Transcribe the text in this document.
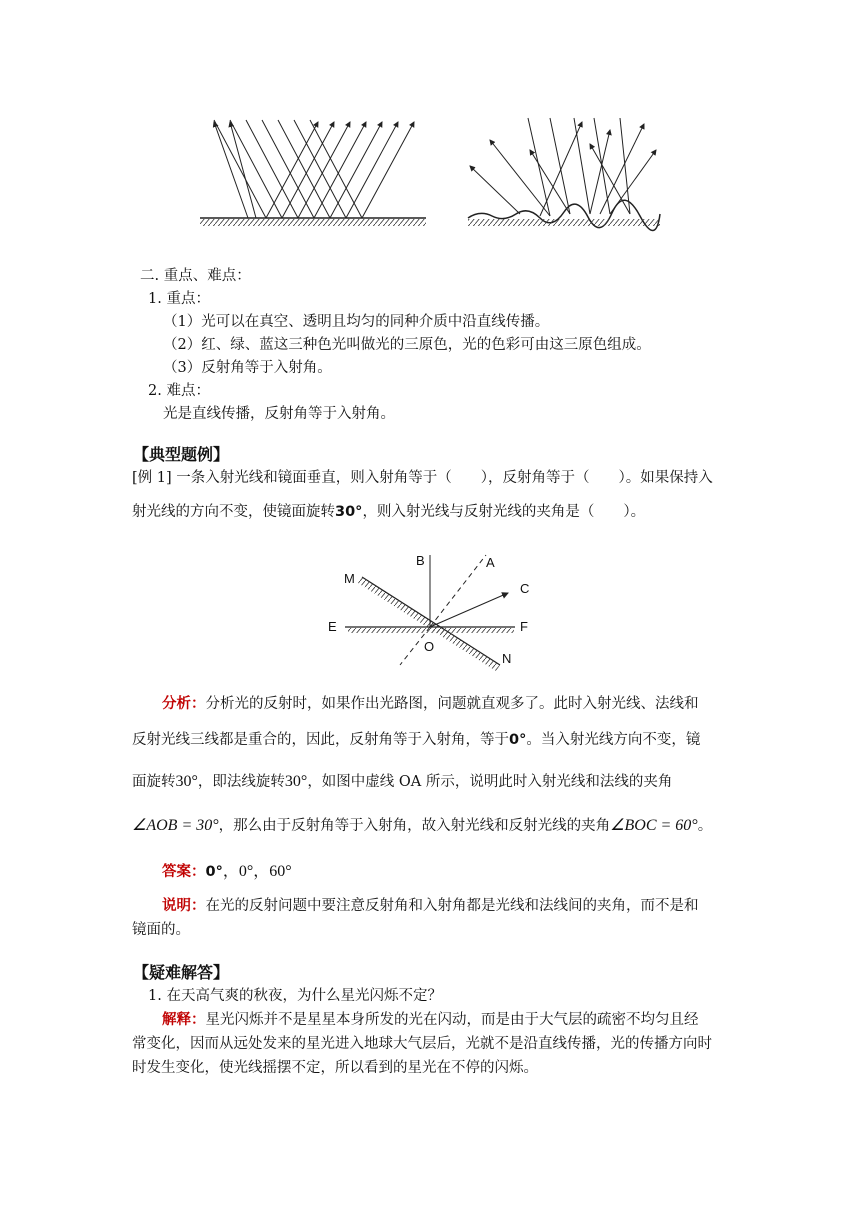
二. 重点、难点：
1. 重点：
（1）光可以在真空、透明且均匀的同种介质中沿直线传播。
（2）红、绿、蓝这三种色光叫做光的三原色，光的色彩可由这三原色组成。
（3）反射角等于入射角。
2. 难点：
光是直线传播，反射角等于入射角。
【典型题例】
[例 1] 一条入射光线和镜面垂直，则入射角等于（　　），反射角等于（　　）。如果保持入
射光线的方向不变，使镜面旋转30°，则入射光线与反射光线的夹角是（　　）。
B	A
M
C
E	F
O
N
分析：分析光的反射时，如果作出光路图，问题就直观多了。此时入射光线、法线和
反射光线三线都是重合的，因此，反射角等于入射角，等于0°。当入射光线方向不变，镜
面旋转30°，即法线旋转30°，如图中虚线 OA 所示，说明此时入射光线和法线的夹角
∠AOB = 30°，那么由于反射角等于入射角，故入射光线和反射光线的夹角∠BOC = 60°。
答案：0°，0°，60°
说明：在光的反射问题中要注意反射角和入射角都是光线和法线间的夹角，而不是和
镜面的。
【疑难解答】
1. 在天高气爽的秋夜，为什么星光闪烁不定？
解释：星光闪烁并不是星星本身所发的光在闪动，而是由于大气层的疏密不均匀且经
常变化，因而从远处发来的星光进入地球大气层后，光就不是沿直线传播，光的传播方向时
时发生变化，使光线摇摆不定，所以看到的星光在不停的闪烁。
